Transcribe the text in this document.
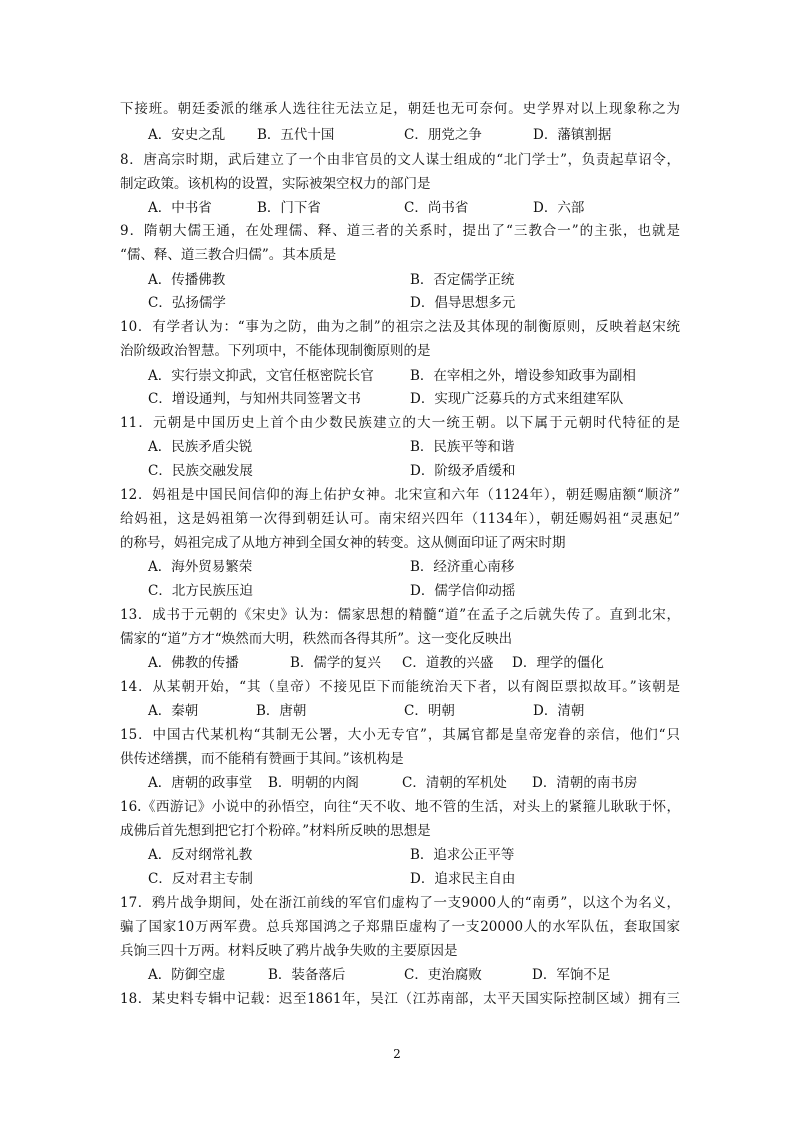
下接班。朝廷委派的继承人选往往无法立足，朝廷也无可奈何。史学界对以上现象称之为
A．安史之乱 B．五代十国	C．朋党之争	D．藩镇割据
8．唐高宗时期，武后建立了一个由非官员的文人谋士组成的“北门学士”，负责起草诏令，
制定政策。该机构的设置，实际被架空权力的部门是
A．中书省	B．门下省	C．尚书省	D．六部
9．隋朝大儒王通，在处理儒、释、道三者的关系时，提出了“三教合一”的主张，也就是
“儒、释、道三教合归儒”。其本质是
A．传播佛教	B．否定儒学正统
C．弘扬儒学	D．倡导思想多元
10．有学者认为：“事为之防，曲为之制”的祖宗之法及其体现的制衡原则，反映着赵宋统
治阶级政治智慧。下列项中，不能体现制衡原则的是
A．实行崇文抑武，文官任枢密院长官	B．在宰相之外，增设参知政事为副相
C．增设通判，与知州共同签署文书	D．实现广泛募兵的方式来组建军队
11．元朝是中国历史上首个由少数民族建立的大一统王朝。以下属于元朝时代特征的是
A．民族矛盾尖锐	B．民族平等和谐
C．民族交融发展	D．阶级矛盾缓和
12．妈祖是中国民间信仰的海上佑护女神。北宋宣和六年（1124年），朝廷赐庙额“顺济”
给妈祖，这是妈祖第一次得到朝廷认可。南宋绍兴四年（1134年），朝廷赐妈祖“灵惠妃”
的称号，妈祖完成了从地方神到全国女神的转变。这从侧面印证了两宋时期
A．海外贸易繁荣	B．经济重心南移
C．北方民族压迫	D．儒学信仰动摇
13．成书于元朝的《宋史》认为：儒家思想的精髓“道”在孟子之后就失传了。直到北宋，
儒家的“道”方才“焕然而大明，秩然而各得其所”。这一变化反映出
A．佛教的传播	B．儒学的复兴 C．道教的兴盛 D．理学的僵化
14．从某朝开始，“其（皇帝）不接见臣下而能统治天下者，以有阁臣票拟故耳。”该朝是
A．秦朝	B．唐朝	C．明朝	D．清朝
15．中国古代某机构“其制无公署，大小无专官”，其属官都是皇帝宠眷的亲信，他们“只
供传述缮撰，而不能稍有赞画于其间。”该机构是
A．唐朝的政事堂 B．明朝的内阁	C．清朝的军机处 D．清朝的南书房
16.《西游记》小说中的孙悟空，向往“天不收、地不管的生活，对头上的紧箍儿耿耿于怀，
成佛后首先想到把它打个粉碎。”材料所反映的思想是
A．反对纲常礼教	B．追求公正平等
C．反对君主专制	D．追求民主自由
17．鸦片战争期间，处在浙江前线的军官们虚构了一支9000人的“南勇”，以这个为名义，
骗了国家10万两军费。总兵郑国鸿之子郑鼎臣虚构了一支20000人的水军队伍，套取国家
兵饷三四十万两。材料反映了鸦片战争失败的主要原因是
A．防御空虚	B．装备落后	C．吏治腐败	D．军饷不足
18．某史料专辑中记载：迟至1861年，吴江（江苏南部，太平天国实际控制区域）拥有三
2
